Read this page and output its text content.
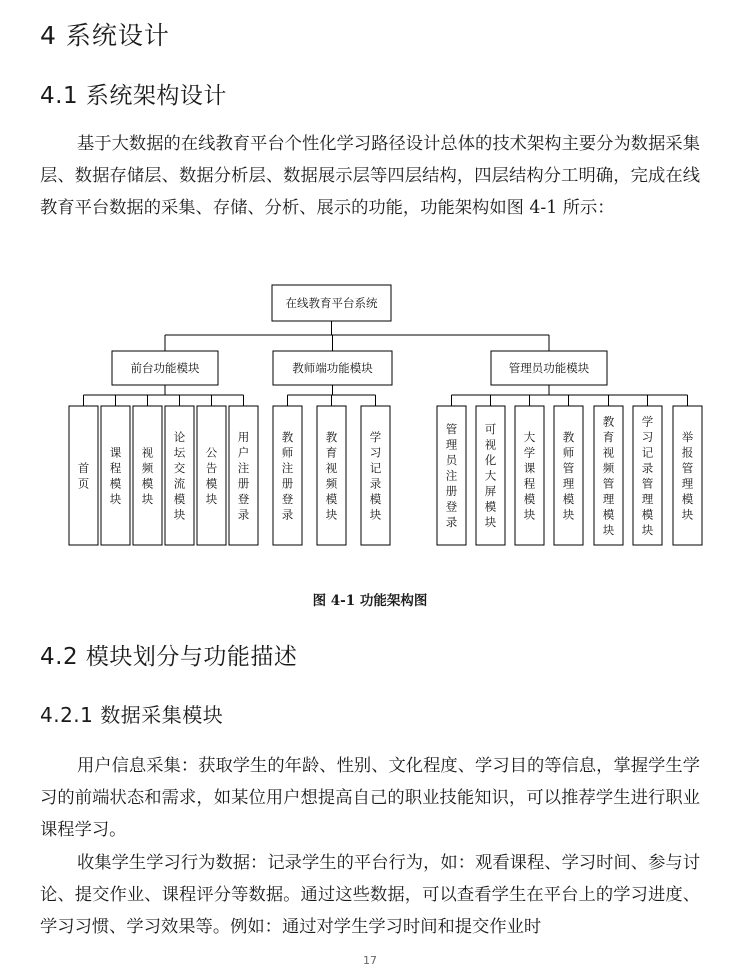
4 系统设计
4.1 系统架构设计
基于大数据的在线教育平台个性化学习路径设计总体的技术架构主要分为数据采集层、数据存储层、数据分析层、数据展示层等四层结构，四层结构分工明确，完成在线教育平台数据的采集、存储、分析、展示的功能，功能架构如图 4-1 所示：
在线教育平台系统
前台功能模块
首页
课程模块
视频模块
论坛交流模块
公告模块
用户注册登录
教师端功能模块
教师注册登录
教育视频模块
学习记录模块
管理员功能模块
管理员注册登录
可视化大屏模块
大学课程模块
教师管理模块
教育视频管理模块
学习记录管理模块
举报管理模块
图 4-1 功能架构图
4.2 模块划分与功能描述
4.2.1 数据采集模块
用户信息采集：获取学生的年龄、性别、文化程度、学习目的等信息，掌握学生学习的前端状态和需求，如某位用户想提高自己的职业技能知识，可以推荐学生进行职业课程学习。
收集学生学习行为数据：记录学生的平台行为，如：观看课程、学习时间、参与讨论、提交作业、课程评分等数据。通过这些数据，可以查看学生在平台上的学习进度、学习习惯、学习效果等。例如：通过对学生学习时间和提交作业时
17
